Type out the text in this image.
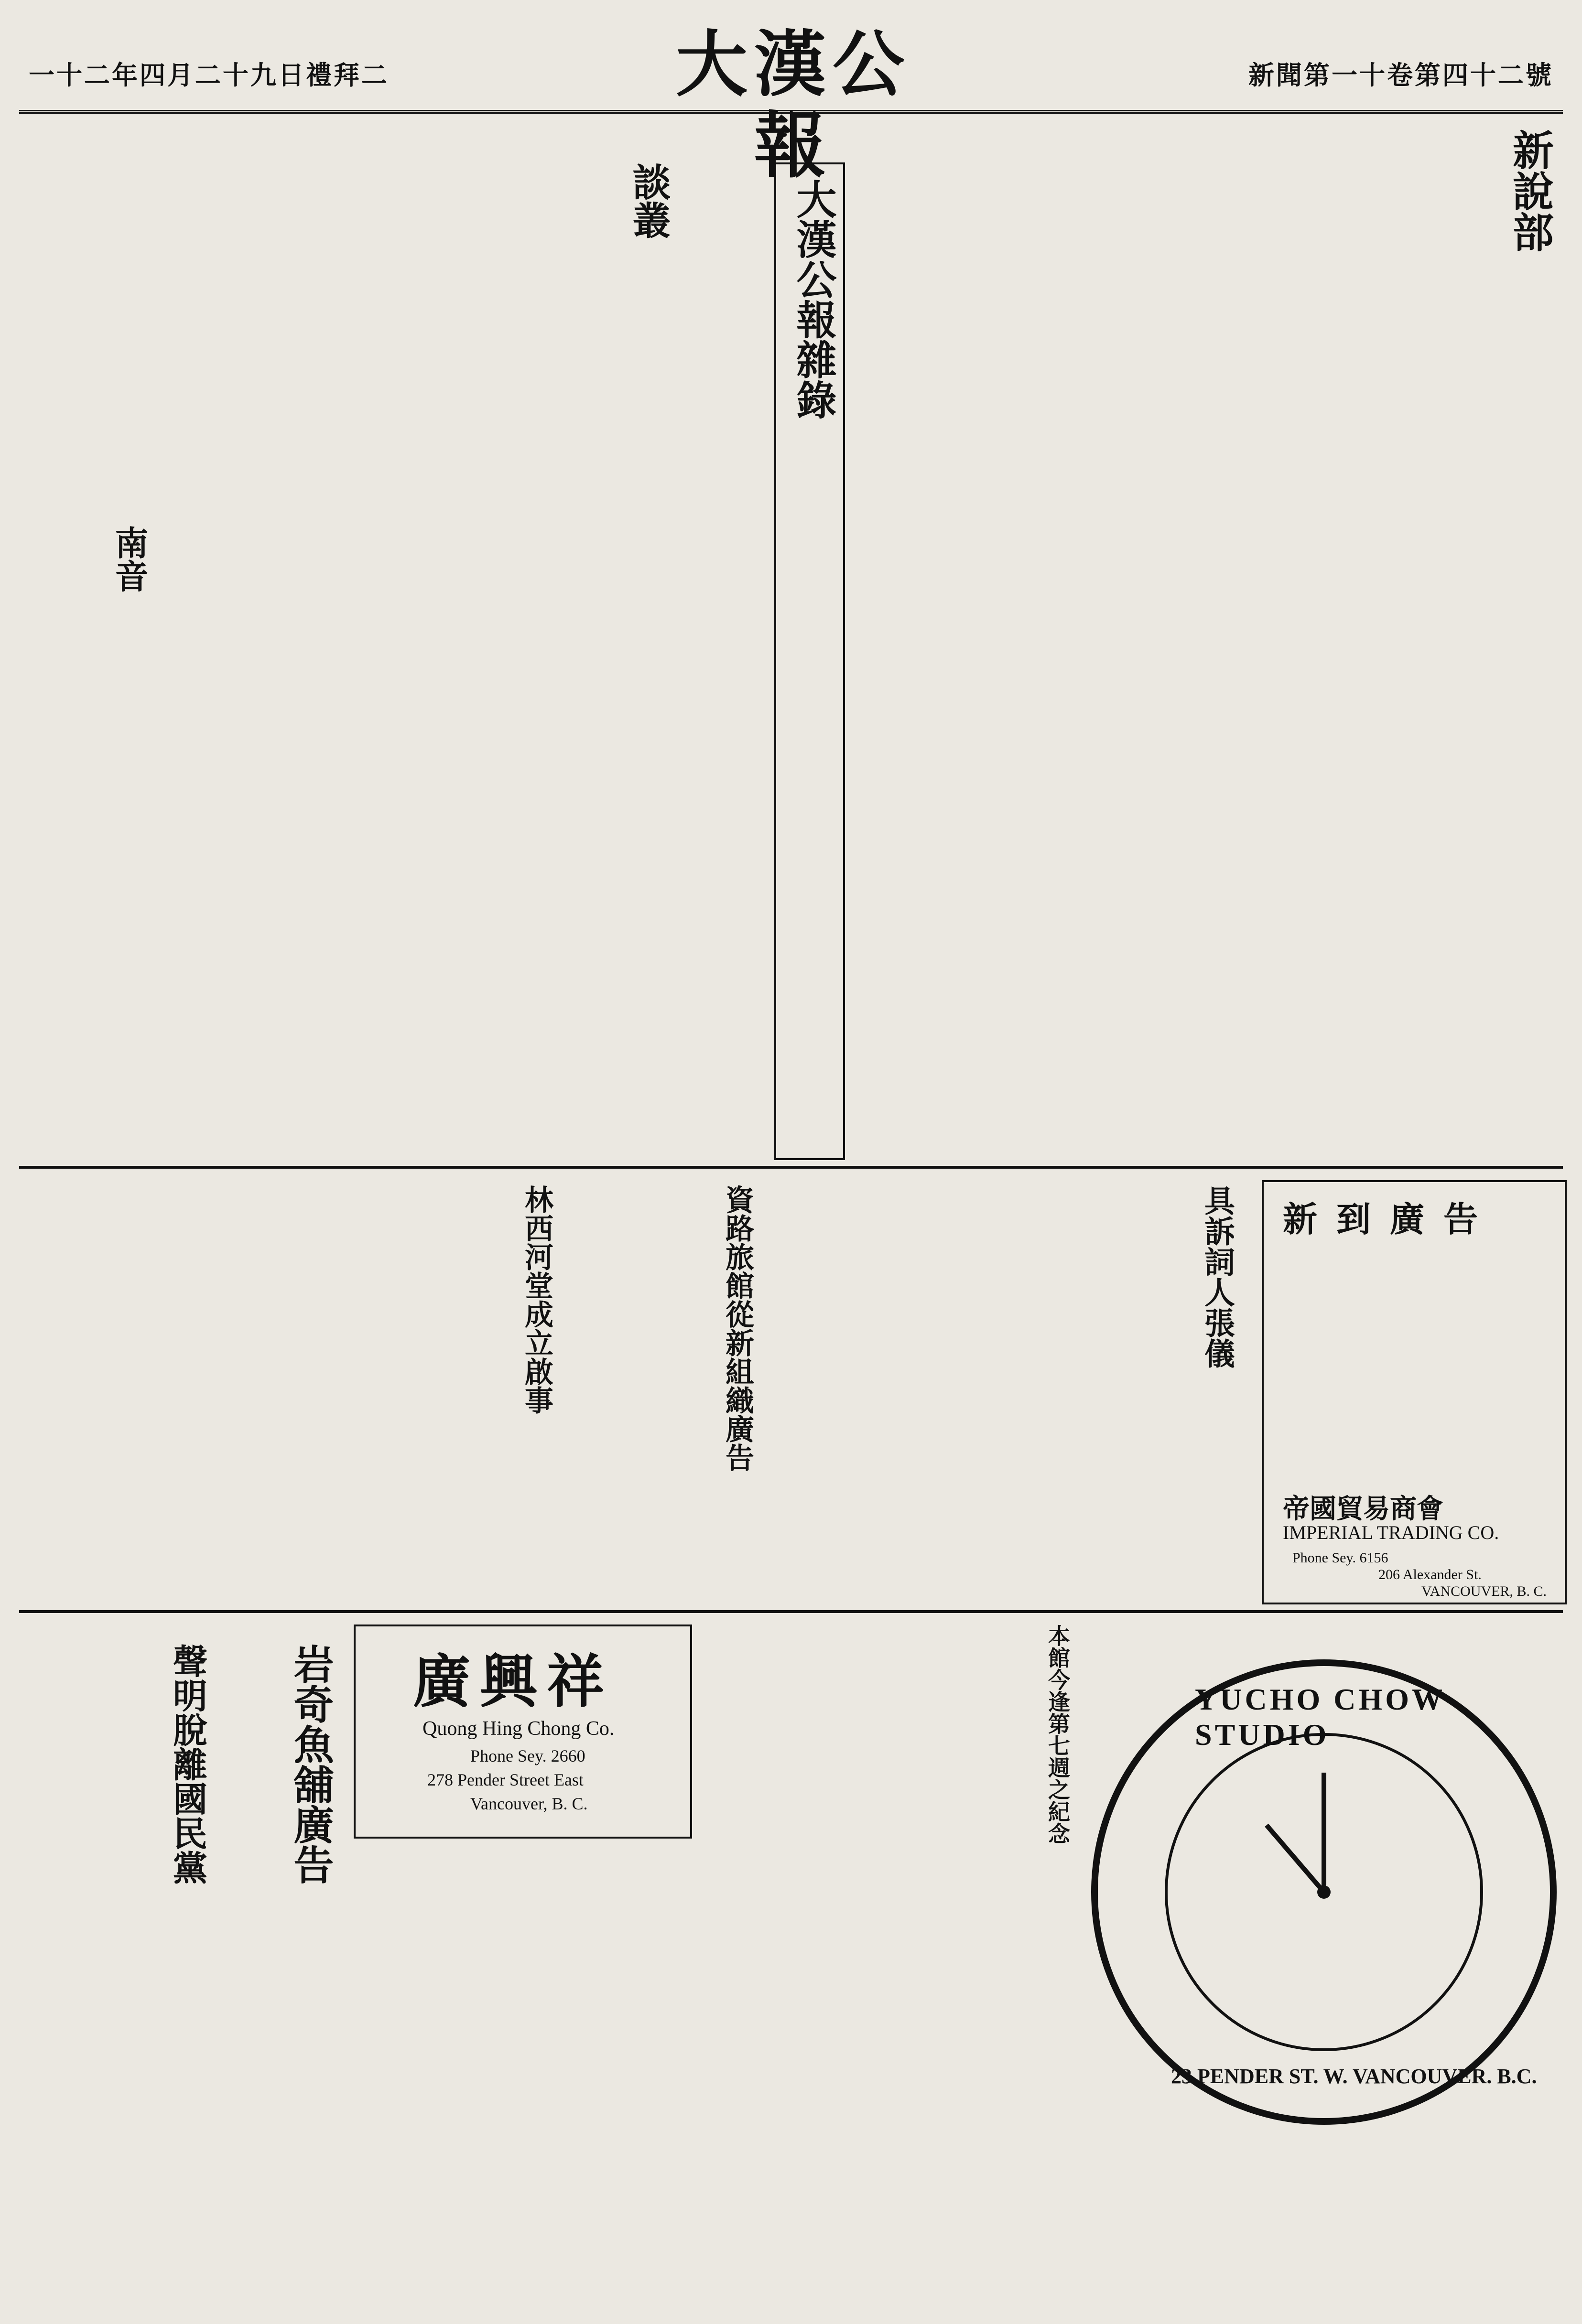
一十二年四月二十九日禮拜二	大漢公報
新聞第一十卷第四十二號
新說部
大漢公報雜錄
談叢
南音
新到廣告
帝國貿易商會
IMPERIAL TRADING CO.
Phone Sey. 6156
206 Alexander St.
VANCOUVER, B. C.
具訴詞人張儀
資路旅館從新組織廣告
林西河堂成立啟事
本館今逢第七週之紀念	YUCHO CHOW STUDIO
23 PENDER ST. W. VANCOUVER. B.C.
廣興祥
Quong Hing Chong Co.
Phone Sey. 2660
278 Pender Street East
Vancouver, B. C.
岩奇魚舖廣告
聲明脫離國民黨
